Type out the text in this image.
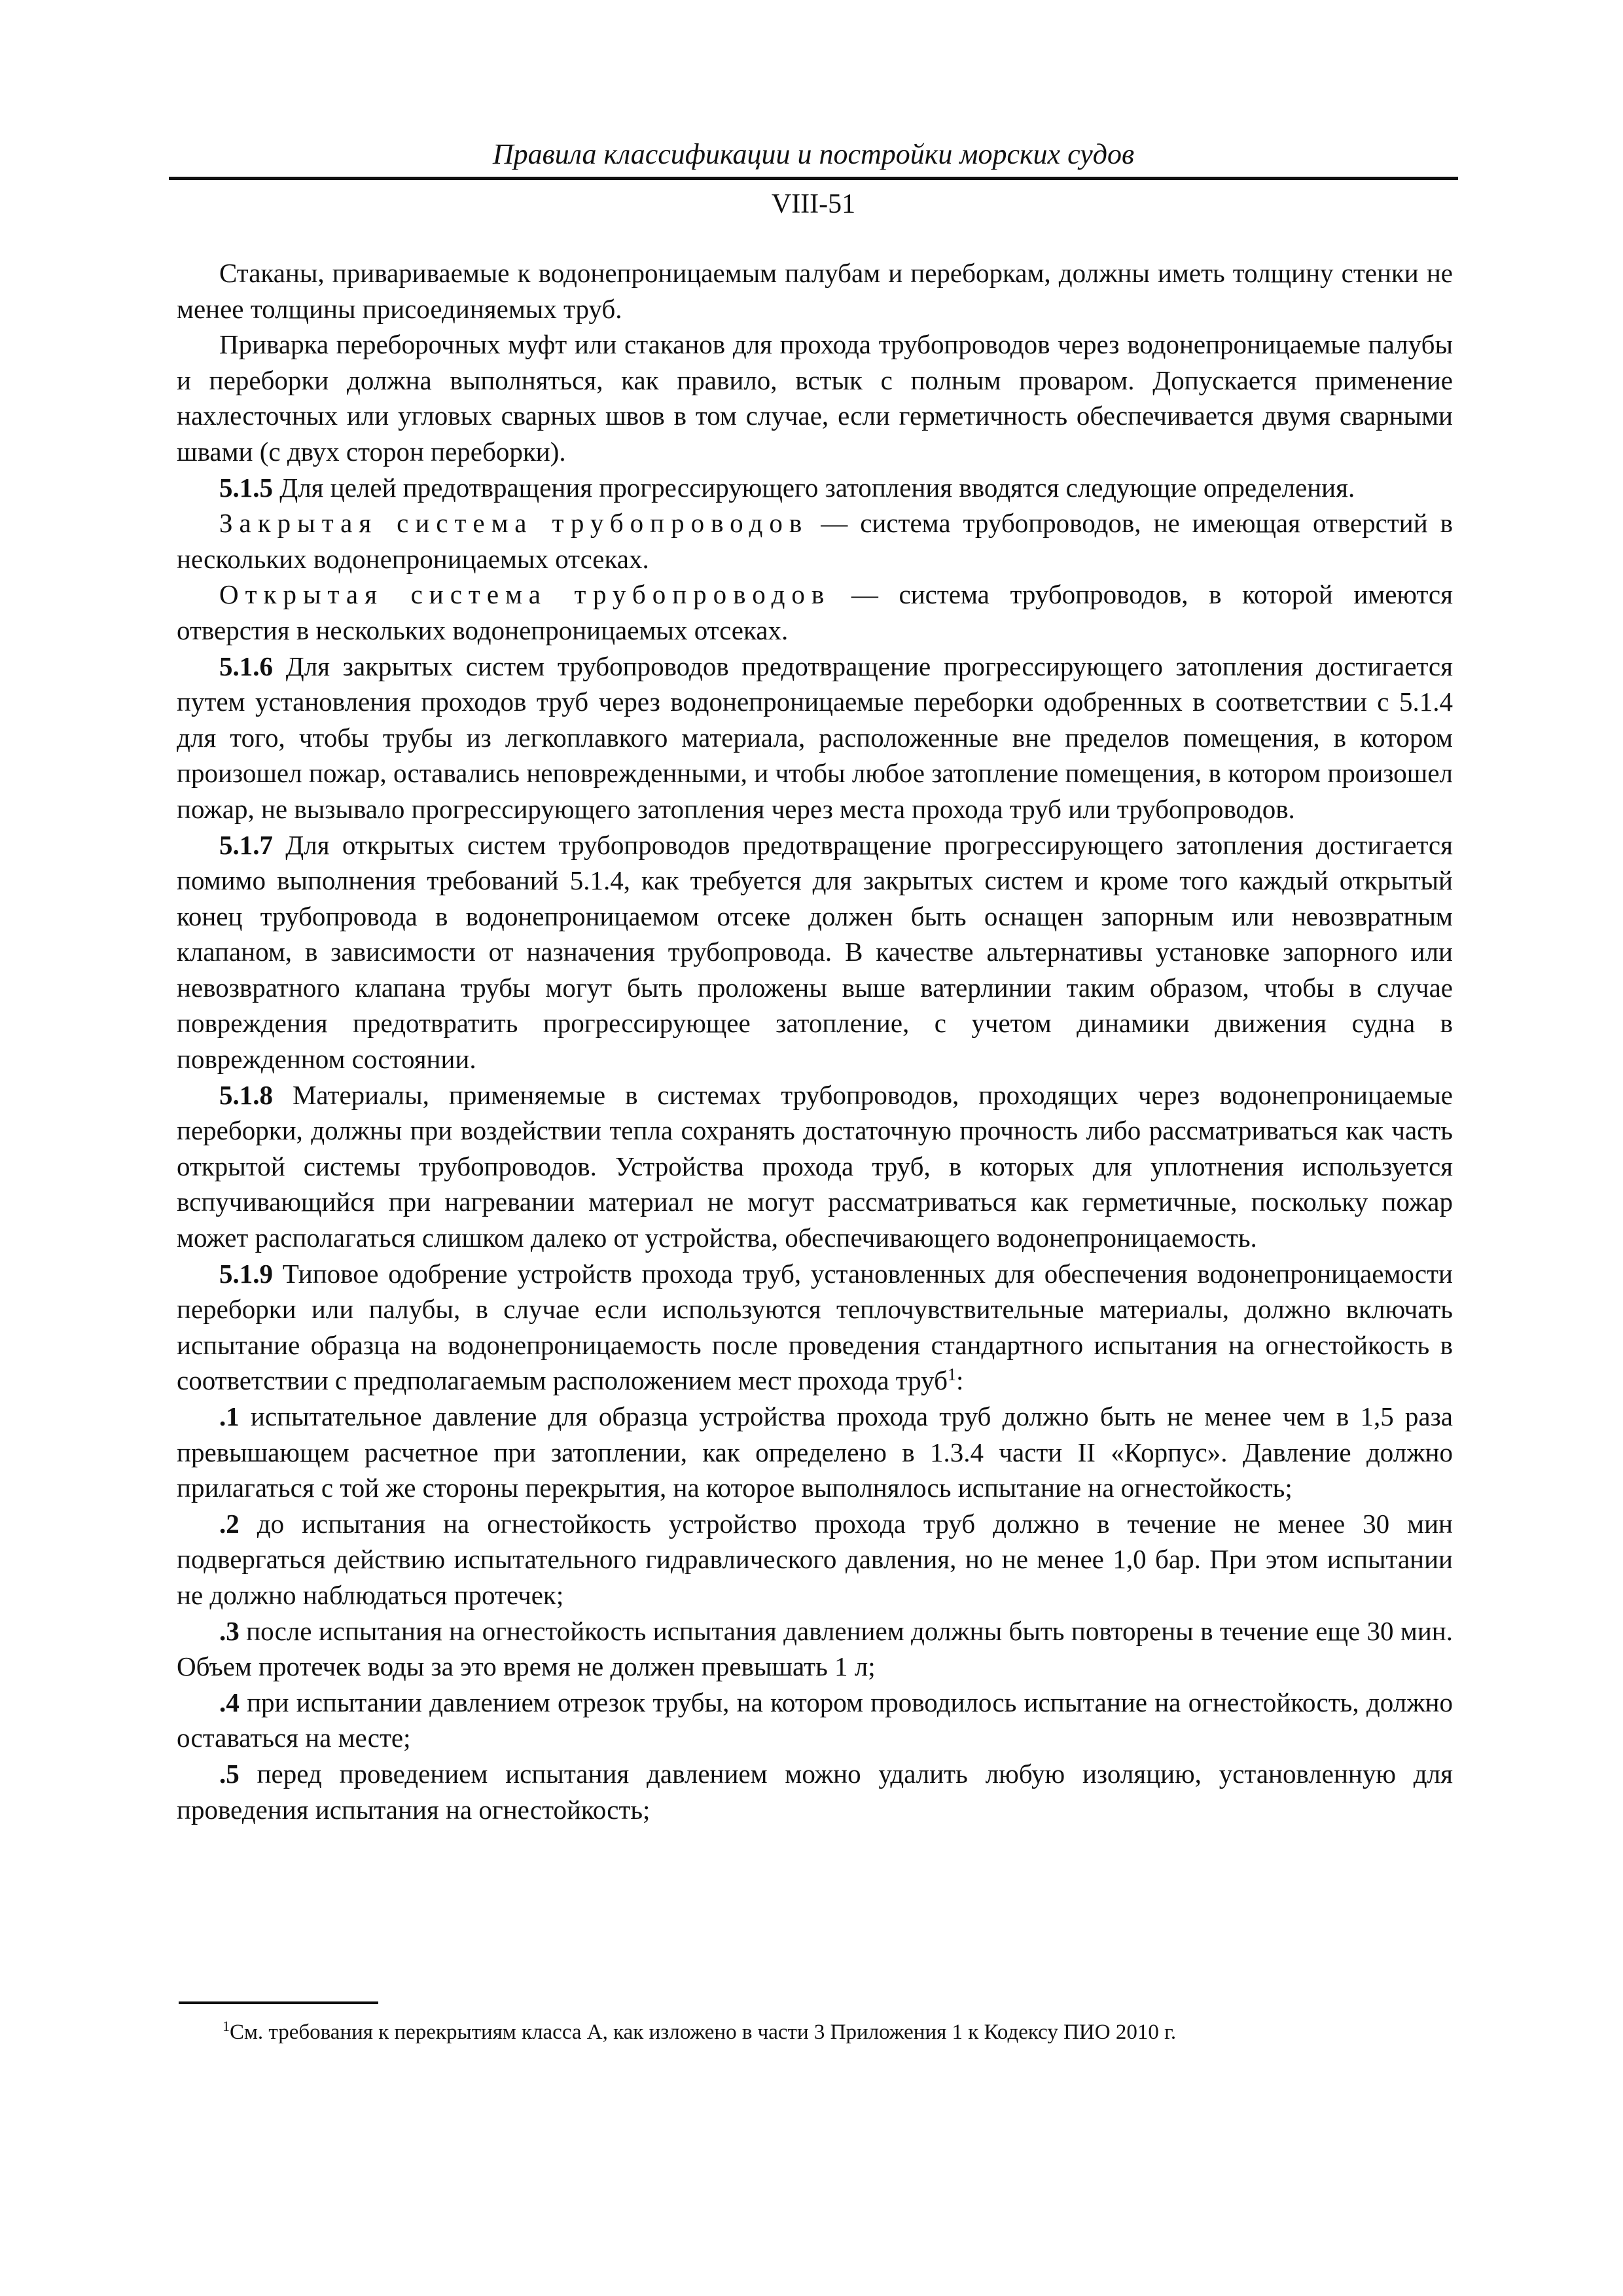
Правила классификации и постройки морских судов
VIII-51

Стаканы, привариваемые к водонепроницаемым палубам и переборкам, должны иметь толщину стенки не менее толщины присоединяемых труб.

Приварка переборочных муфт или стаканов для прохода трубопроводов через водонепроницаемые палубы и переборки должна выполняться, как правило, встык с полным проваром. Допускается применение нахлесточных или угловых сварных швов в том случае, если герметичность обеспечивается двумя сварными швами (с двух сторон переборки).

5.1.5 Для целей предотвращения прогрессирующего затопления вводятся следующие определения.

Закрытая система трубопроводов — система трубопроводов, не имеющая отверстий в нескольких водонепроницаемых отсеках.

Открытая система трубопроводов — система трубопроводов, в которой имеются отверстия в нескольких водонепроницаемых отсеках.

5.1.6 Для закрытых систем трубопроводов предотвращение прогрессирующего затопления достигается путем установления проходов труб через водонепроницаемые переборки одобренных в соответствии с 5.1.4 для того, чтобы трубы из легкоплавкого материала, расположенные вне пределов помещения, в котором произошел пожар, оставались неповрежденными, и чтобы любое затопление помещения, в котором произошел пожар, не вызывало прогрессирующего затопления через места прохода труб или трубопроводов.

5.1.7 Для открытых систем трубопроводов предотвращение прогрессирующего затопления достигается помимо выполнения требований 5.1.4, как требуется для закрытых систем и кроме того каждый открытый конец трубопровода в водонепроницаемом отсеке должен быть оснащен запорным или невозвратным клапаном, в зависимости от назначения трубопровода. В качестве альтернативы установке запорного или невозвратного клапана трубы могут быть проложены выше ватерлинии таким образом, чтобы в случае повреждения предотвратить прогрессирующее затопление, с учетом динамики движения судна в поврежденном состоянии.

5.1.8 Материалы, применяемые в системах трубопроводов, проходящих через водонепроницаемые переборки, должны при воздействии тепла сохранять достаточную прочность либо рассматриваться как часть открытой системы трубопроводов. Устройства прохода труб, в которых для уплотнения используется вспучивающийся при нагревании материал не могут рассматриваться как герметичные, поскольку пожар может располагаться слишком далеко от устройства, обеспечивающего водонепроницаемость.

5.1.9 Типовое одобрение устройств прохода труб, установленных для обеспечения водонепроницаемости переборки или палубы, в случае если используются теплочувствительные материалы, должно включать испытание образца на водонепроницаемость после проведения стандартного испытания на огнестойкость в соответствии с предполагаемым расположением мест прохода труб$^1$:

.1 испытательное давление для образца устройства прохода труб должно быть не менее чем в 1,5 раза превышающем расчетное при затоплении, как определено в 1.3.4 части II «Корпус». Давление должно прилагаться с той же стороны перекрытия, на которое выполнялось испытание на огнестойкость;

.2 до испытания на огнестойкость устройство прохода труб должно в течение не менее 30 мин подвергаться действию испытательного гидравлического давления, но не менее 1,0 бар. При этом испытании не должно наблюдаться протечек;

.3 после испытания на огнестойкость испытания давлением должны быть повторены в течение еще 30 мин. Объем протечек воды за это время не должен превышать 1 л;

.4 при испытании давлением отрезок трубы, на котором проводилось испытание на огнестойкость, должно оставаться на месте;

.5 перед проведением испытания давлением можно удалить любую изоляцию, установленную для проведения испытания на огнестойкость;

$^1$См. требования к перекрытиям класса А, как изложено в части 3 Приложения 1 к Кодексу ПИО 2010 г.
